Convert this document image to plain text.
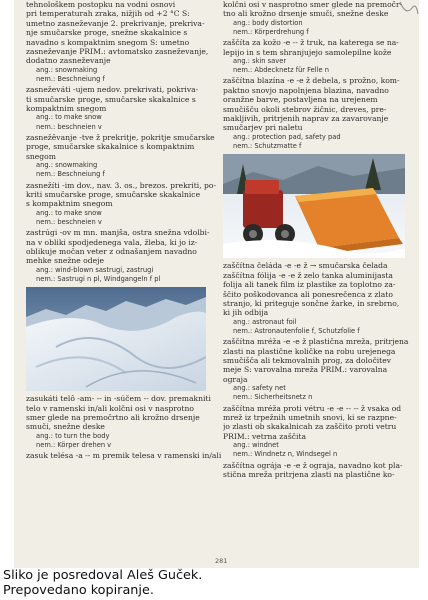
tehnološkem postopku na vodni osnovi
pri temperaturah zraka, nižjih od +2 °C S:
umetno zasneževanje 2. prekrivanje, prekriva-
nje smučarske proge, snežne skakalnice s
navadno s kompaktnim snegom S: umetno
zasneževanje PRIM.: avtomatsko zasneževanje,
dodatno zasneževanje
ang.: snowmaking
nem.: Beschneiung f
zasneževáti -ujem nedov. prekrivati, pokriva-
ti smučarske proge, smučarske skakalnice s
kompaktnim snegom
ang.: to make snow
nem.: beschneien v
zasnežêvanje -tve ž prekritje, pokritje smučarske
proge, smučarske skakalnice s kompaktnim
snegom
ang.: snowmaking
nem.: Beschneiung f
zasnežíti -im dov., nav. 3. os., brezos. prekriti, po-
kriti smučarske proge, smučarske skakalnice
s kompaktnim snegom
ang.: to make snow
nem.: beschneien v
zastrúgi -ov m mn. manjša, ostra snežna vdolbi-
na v obliki spodjedenega vala, žleba, ki jo iz-
oblikuje močan veter z odnašanjem navadno
mehke snežne odeje
ang.: wind-blown sastrugi, zastrugi
nem.: Sastrugi n pl, Windgangeln f pl
zasukáti telô -am- -- in -súčem -- dov. premakniti
telo v ramenski in/ali kolčni osi v nasprotno
smer glede na premočrtno ali krožno drsenje
smuči, snežne deske
ang.: to turn the body
nem.: Körper drehen v
zasuk telésa -a -- m premik telesa v ramenski in/ali
kolčni osi v nasprotno smer glede na premočr-
tno ali krožno drsenje smuči, snežne deske
ang.: body distortion
nem.: Körperdrehung f
zaščíta za kožo -e -- ž truk, na katerega se na-
lepijo in s tem shranjujejo samolepilne kože
ang.: skin saver
nem.: Abdecknetz für Felle n
zaščítna blazína -e -e ž debela, s prožno, kom-
paktno snovjo napolnjena blazina, navadno
oranžne barve, postavljena na urejenem
smučišču okoli stebrov žičnic, dreves, pre-
makljivih, pritrjenih naprav za zavarovanje
smučarjev pri naletu
ang.: protection pad, safety pad
nem.: Schutzmatte f
zaščítna čeláda -e -e ž → smučarska čelada
zaščítna fólija -e -e ž zelo tanka aluminijasta
folija ali tanek film iz plastike za toplotno za-
ščito poškodovanca ali ponesrečenca z zlato
stranjo, ki priteguje sončne žarke, in srebrno,
ki jih odbija
ang.: astronaut foil
nem.: Astronautenfolie f, Schutzfolie f
zaščítna mréža -e -e ž plastična mreža, pritrjena
zlasti na plastične količke na robu urejenega
smučišča ali tekmovalnih prog, za določitev
meje S: varovalna mreža PRIM.: varovalna
ograja
ang.: safety net
nem.: Sicherheitsnetz n
zaščítna mréža proti vétru -e -e -- -- ž vsaka od
mrež iz trpežnih umetnih snovi, ki se razpne-
jo zlasti ob skakalnicah za zaščito proti vetru
PRIM.: vetrna zaščita
ang.: windnet
nem.: Windnetz n, Windsegel n
zaščítna ográja -e -e ž ograja, navadno kot pla-
stična mreža pritrjena zlasti na plastične ko-
281
Sliko je posredoval Aleš Gučеk.
Prepovedano kopiranje.
